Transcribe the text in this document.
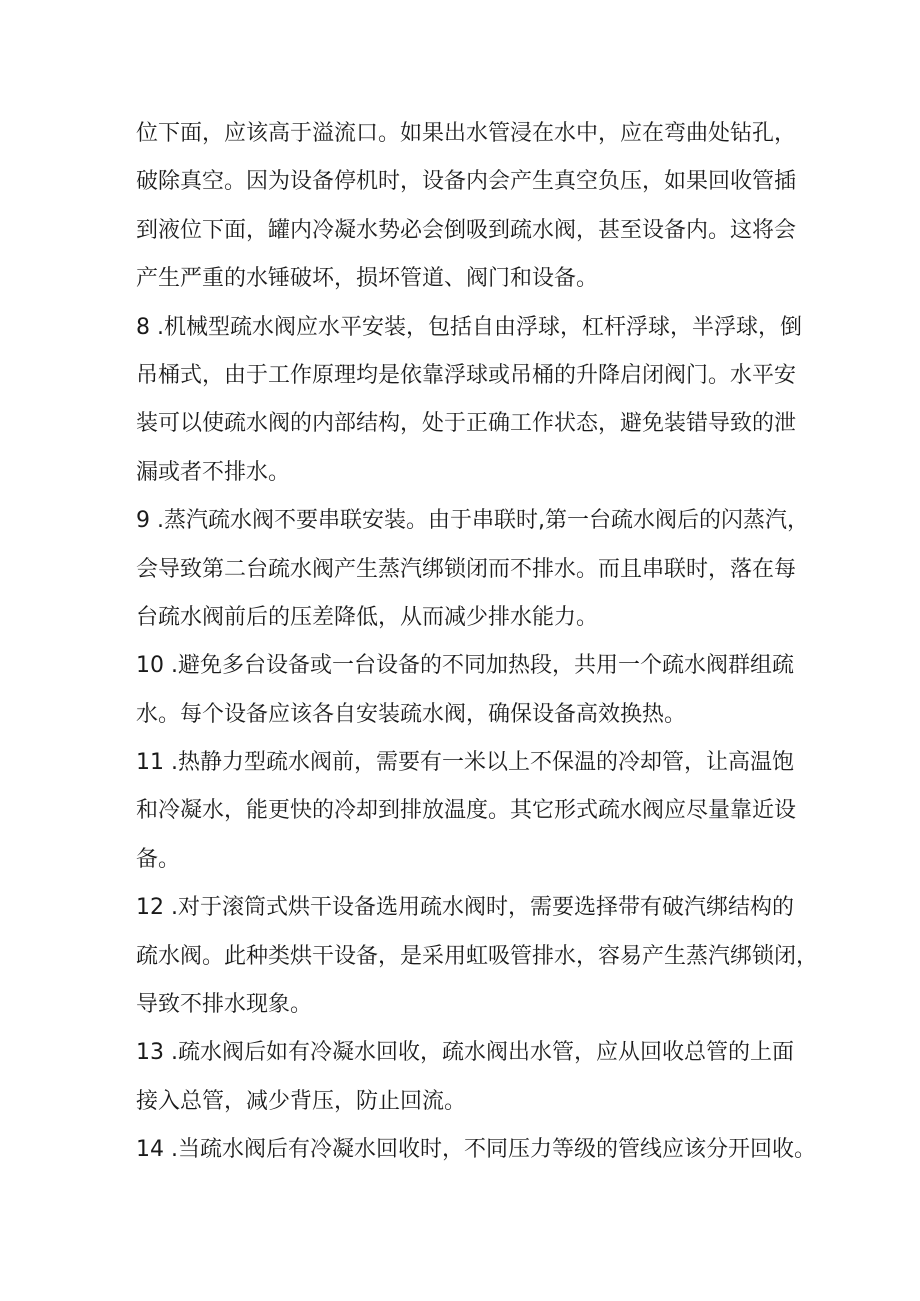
位下面，应该高于溢流口。如果出水管浸在水中，应在弯曲处钻孔，
破除真空。因为设备停机时，设备内会产生真空负压，如果回收管插
到液位下面，罐内冷凝水势必会倒吸到疏水阀，甚至设备内。这将会
产生严重的水锤破坏，损坏管道、阀门和设备。
8 .机械型疏水阀应水平安装，包括自由浮球，杠杆浮球，半浮球，倒
吊桶式，由于工作原理均是依靠浮球或吊桶的升降启闭阀门。水平安
装可以使疏水阀的内部结构，处于正确工作状态，避免装错导致的泄
漏或者不排水。
9 .蒸汽疏水阀不要串联安装。由于串联时,第一台疏水阀后的闪蒸汽，
会导致第二台疏水阀产生蒸汽绑锁闭而不排水。而且串联时，落在每
台疏水阀前后的压差降低，从而减少排水能力。
10 .避免多台设备或一台设备的不同加热段，共用一个疏水阀群组疏
水。每个设备应该各自安装疏水阀，确保设备高效换热。
11 .热静力型疏水阀前，需要有一米以上不保温的冷却管，让高温饱
和冷凝水，能更快的冷却到排放温度。其它形式疏水阀应尽量靠近设
备。
12 .对于滚筒式烘干设备选用疏水阀时，需要选择带有破汽绑结构的
疏水阀。此种类烘干设备，是采用虹吸管排水，容易产生蒸汽绑锁闭，
导致不排水现象。
13 .疏水阀后如有冷凝水回收，疏水阀出水管，应从回收总管的上面
接入总管，减少背压，防止回流。
14 .当疏水阀后有冷凝水回收时，不同压力等级的管线应该分开回收。
